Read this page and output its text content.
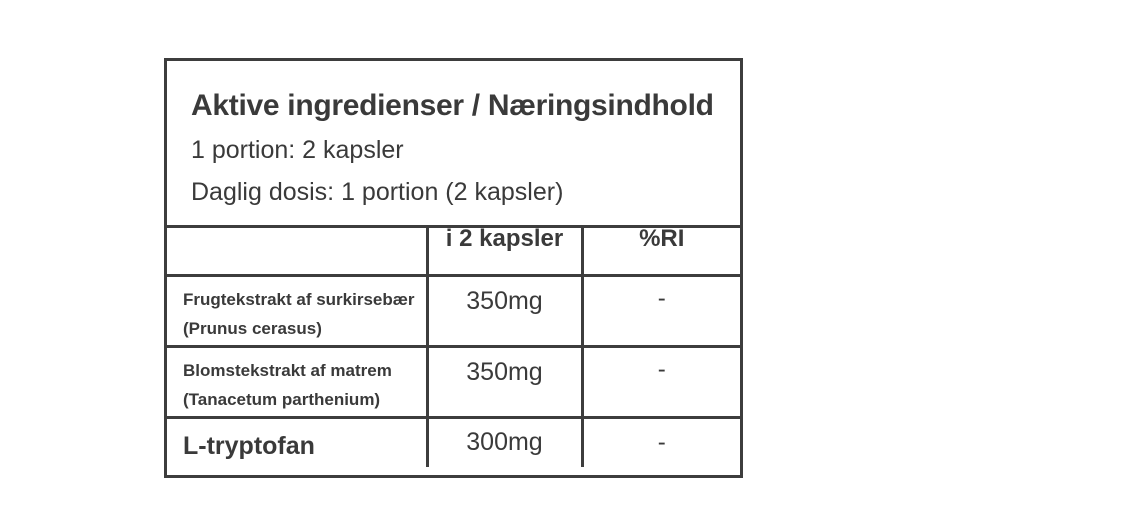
Aktive ingredienser / Næringsindhold
1 portion: 2 kapsler
Daglig dosis: 1 portion (2 kapsler)
	i 2 kapsler	%RI

Frugtekstrakt af surkirsebær
(Prunus cerasus)	350mg	-

Blomstekstrakt af matrem
(Tanacetum parthenium)	350mg	-
L-tryptofan	300mg	-
